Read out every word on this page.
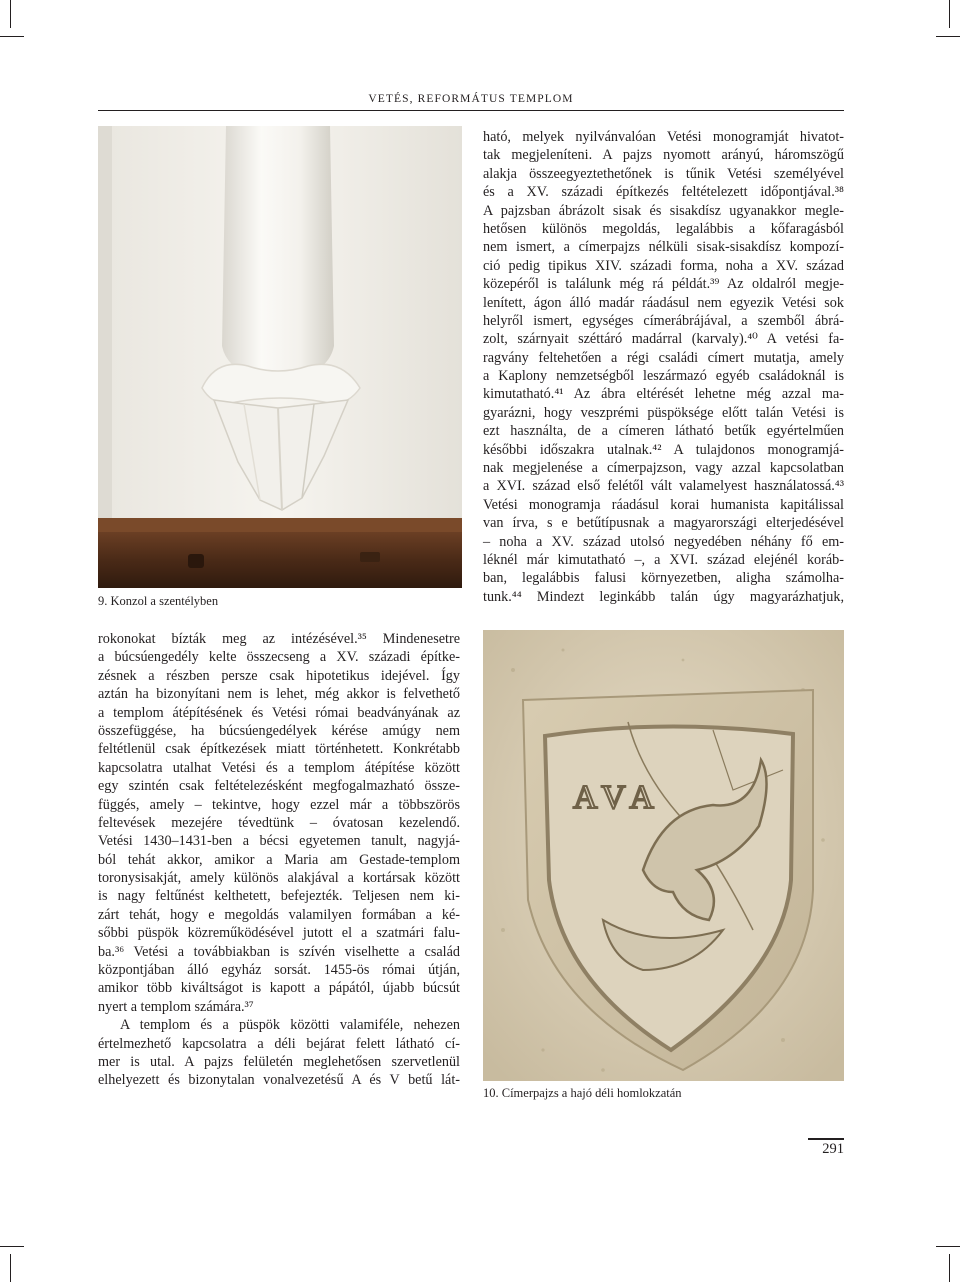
VETÉS, REFORMÁTUS TEMPLOM
9. Konzol a szentélyben
AVA
10. Címerpajzs a hajó déli homlokzatán
ható, melyek nyilvánvalóan Vetési monogramját hivatot-
tak megjeleníteni. A pajzs nyomott arányú, háromszögű
alakja összeegyeztethetőnek is tűnik Vetési személyével
és a XV. századi építkezés feltételezett időpontjával.³⁸
A pajzsban ábrázolt sisak és sisakdísz ugyanakkor megle-
hetősen különös megoldás, legalábbis a kőfaragásból
nem ismert, a címerpajzs nélküli sisak-sisakdísz kompozí-
ció pedig tipikus XIV. századi forma, noha a XV. század
közepéről is találunk még rá példát.³⁹ Az oldalról megje-
lenített, ágon álló madár ráadásul nem egyezik Vetési sok
helyről ismert, egységes címerábrájával, a szemből ábrá-
zolt, szárnyait széttáró madárral (karvaly).⁴⁰ A vetési fa-
ragvány feltehetően a régi családi címert mutatja, amely
a Kaplony nemzetségből leszármazó egyéb családoknál is
kimutatható.⁴¹ Az ábra eltérését lehetne még azzal ma-
gyarázni, hogy veszprémi püspöksége előtt talán Vetési is
ezt használta, de a címeren látható betűk egyértelműen
későbbi időszakra utalnak.⁴² A tulajdonos monogramjá-
nak megjelenése a címerpajzson, vagy azzal kapcsolatban
a XVI. század első felétől vált valamelyest használatossá.⁴³
Vetési monogramja ráadásul korai humanista kapitálissal
van írva, s e betűtípusnak a magyarországi elterjedésével
– noha a XV. század utolsó negyedében néhány fő em-
léknél már kimutatható –, a XVI. század elejénél koráb-
ban, legalábbis falusi környezetben, aligha számolha-
tunk.⁴⁴ Mindezt leginkább talán úgy magyarázhatjuk,
rokonokat bízták meg az intézésével.³⁵ Mindenesetre
a búcsúengedély kelte összecseng a XV. századi építke-
zésnek a részben persze csak hipotetikus idejével. Így
aztán ha bizonyítani nem is lehet, még akkor is felvethető
a templom átépítésének és Vetési római beadványának az
összefüggése, ha búcsúengedélyek kérése amúgy nem
feltétlenül csak építkezések miatt történhetett. Konkrétabb
kapcsolatra utalhat Vetési és a templom átépítése között
egy szintén csak feltételezésként megfogalmazható össze-
függés, amely – tekintve, hogy ezzel már a többszörös
feltevések mezejére tévedtünk – óvatosan kezelendő.
Vetési 1430–1431-ben a bécsi egyetemen tanult, nagyjá-
ból tehát akkor, amikor a Maria am Gestade-templom
toronysisakját, amely különös alakjával a kortársak között
is nagy feltűnést kelthetett, befejezték. Teljesen nem ki-
zárt tehát, hogy e megoldás valamilyen formában a ké-
sőbbi püspök közreműködésével jutott el a szatmári falu-
ba.³⁶ Vetési a továbbiakban is szívén viselhette a család
központjában álló egyház sorsát. 1455-ös római útján,
amikor több kiváltságot is kapott a pápától, újabb búcsút
nyert a templom számára.³⁷
A templom és a püspök közötti valamiféle, nehezen
értelmezhető kapcsolatra a déli bejárat felett látható cí-
mer is utal. A pajzs felületén meglehetősen szervetlenül
elhelyezett és bizonytalan vonalvezetésű A és V betű lát-
291
